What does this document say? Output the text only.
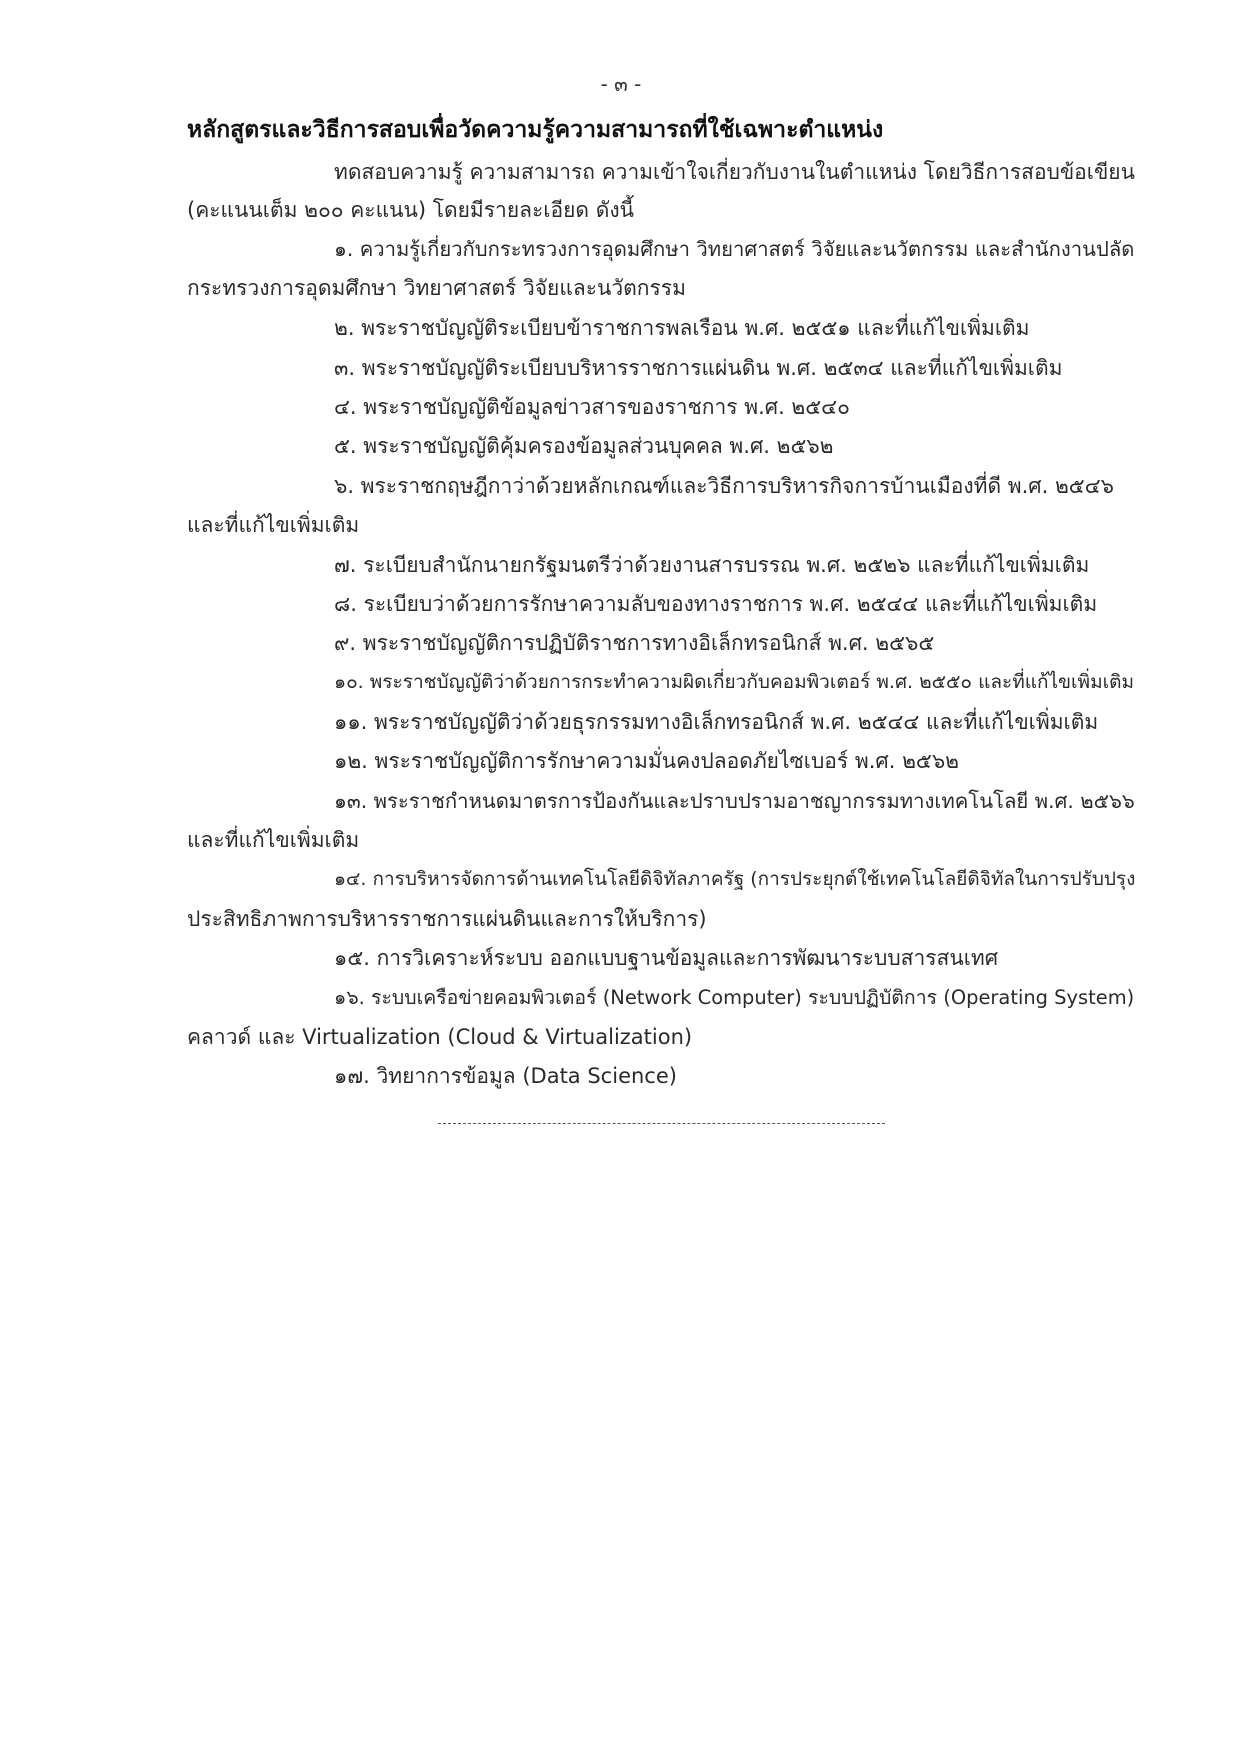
- ๓ -
หลักสูตรและวิธีการสอบเพื่อวัดความรู้ความสามารถที่ใช้เฉพาะตำแหน่ง
ทดสอบความรู้ ความสามารถ ความเข้าใจเกี่ยวกับงานในตำแหน่ง โดยวิธีการสอบข้อเขียน
(คะแนนเต็ม ๒๐๐ คะแนน) โดยมีรายละเอียด ดังนี้
๑. ความรู้เกี่ยวกับกระทรวงการอุดมศึกษา วิทยาศาสตร์ วิจัยและนวัตกรรม และสำนักงานปลัด
กระทรวงการอุดมศึกษา วิทยาศาสตร์ วิจัยและนวัตกรรม
๒. พระราชบัญญัติระเบียบข้าราชการพลเรือน พ.ศ. ๒๕๕๑ และที่แก้ไขเพิ่มเติม
๓. พระราชบัญญัติระเบียบบริหารราชการแผ่นดิน พ.ศ. ๒๕๓๔ และที่แก้ไขเพิ่มเติม
๔. พระราชบัญญัติข้อมูลข่าวสารของราชการ พ.ศ. ๒๕๔๐
๕. พระราชบัญญัติคุ้มครองข้อมูลส่วนบุคคล พ.ศ. ๒๕๖๒
๖. พระราชกฤษฎีกาว่าด้วยหลักเกณฑ์และวิธีการบริหารกิจการบ้านเมืองที่ดี พ.ศ. ๒๕๔๖
และที่แก้ไขเพิ่มเติม
๗. ระเบียบสำนักนายกรัฐมนตรีว่าด้วยงานสารบรรณ พ.ศ. ๒๕๒๖ และที่แก้ไขเพิ่มเติม
๘. ระเบียบว่าด้วยการรักษาความลับของทางราชการ พ.ศ. ๒๕๔๔ และที่แก้ไขเพิ่มเติม
๙. พระราชบัญญัติการปฏิบัติราชการทางอิเล็กทรอนิกส์ พ.ศ. ๒๕๖๕
๑๐. พระราชบัญญัติว่าด้วยการกระทำความผิดเกี่ยวกับคอมพิวเตอร์ พ.ศ. ๒๕๕๐ และที่แก้ไขเพิ่มเติม
๑๑. พระราชบัญญัติว่าด้วยธุรกรรมทางอิเล็กทรอนิกส์ พ.ศ. ๒๕๔๔ และที่แก้ไขเพิ่มเติม
๑๒. พระราชบัญญัติการรักษาความมั่นคงปลอดภัยไซเบอร์ พ.ศ. ๒๕๖๒
๑๓. พระราชกำหนดมาตรการป้องกันและปราบปรามอาชญากรรมทางเทคโนโลยี พ.ศ. ๒๕๖๖
และที่แก้ไขเพิ่มเติม
๑๔. การบริหารจัดการด้านเทคโนโลยีดิจิทัลภาครัฐ (การประยุกต์ใช้เทคโนโลยีดิจิทัลในการปรับปรุง
ประสิทธิภาพการบริหารราชการแผ่นดินและการให้บริการ)
๑๕. การวิเคราะห์ระบบ ออกแบบฐานข้อมูลและการพัฒนาระบบสารสนเทศ
๑๖. ระบบเครือข่ายคอมพิวเตอร์ (Network Computer) ระบบปฏิบัติการ (Operating System)
คลาวด์ และ Virtualization (Cloud & Virtualization)
๑๗. วิทยาการข้อมูล (Data Science)
